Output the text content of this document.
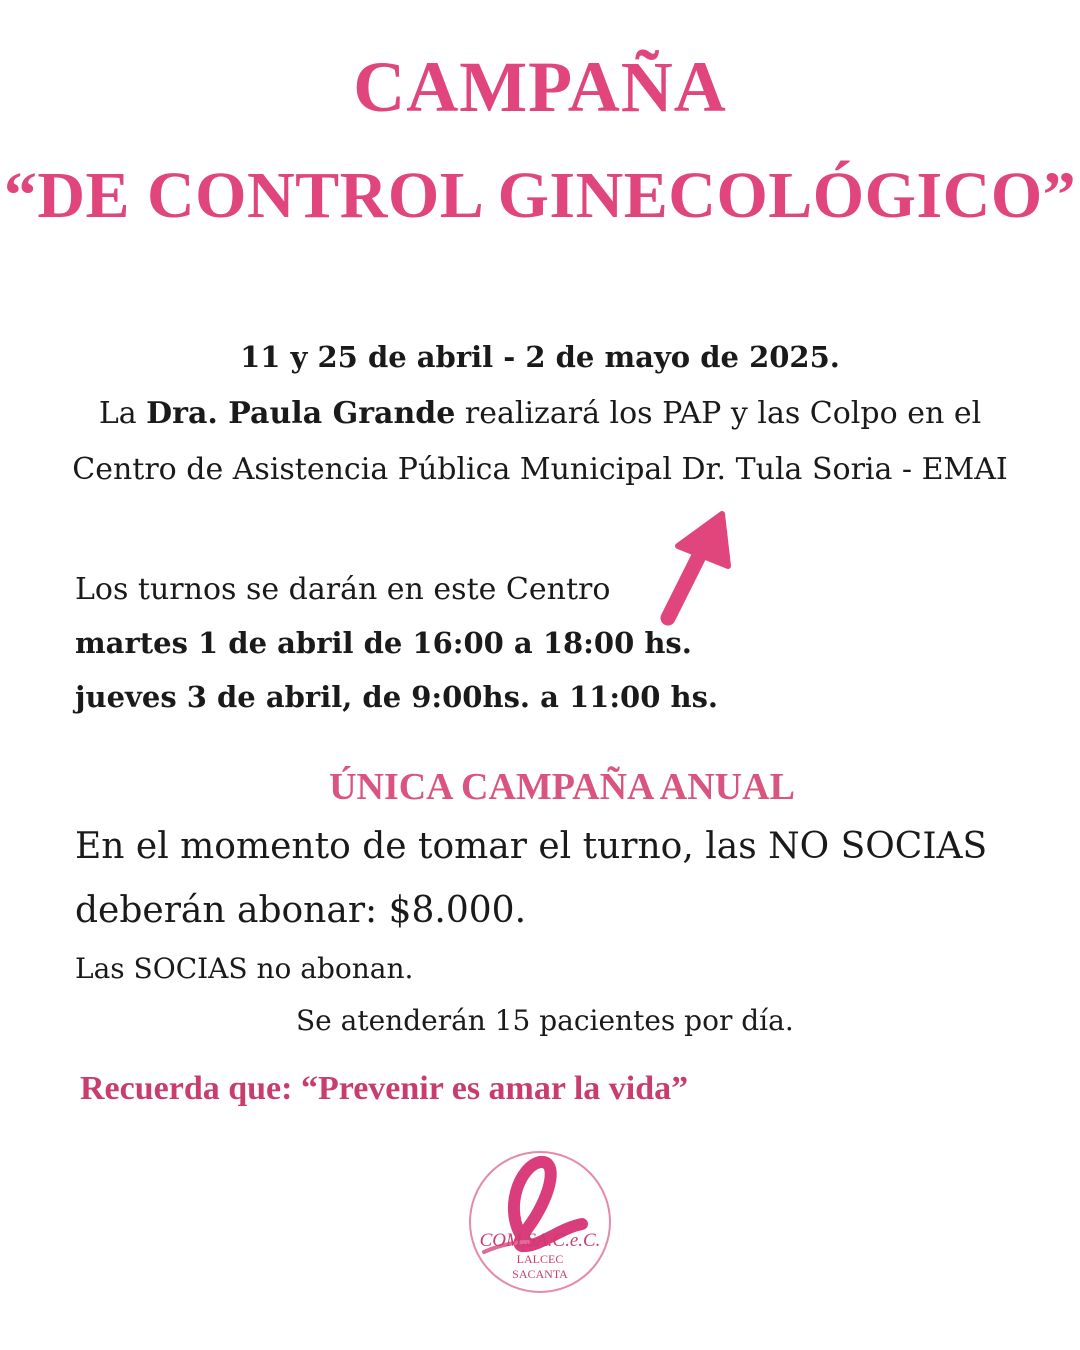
CAMPAÑA
“DE CONTROL GINECOLÓGICO”
11 y 25 de abril - 2 de mayo de 2025.
La Dra. Paula Grande realizará los PAP y las Colpo en el
Centro de Asistencia Pública Municipal Dr. Tula Soria - EMAI
Los turnos se darán en este Centro
martes 1 de abril de 16:00 a 18:00 hs.
jueves 3 de abril, de 9:00hs. a 11:00 hs.
ÚNICA CAMPAÑA ANUAL
En el momento de tomar el turno, las NO SOCIAS
deberán abonar: $8.000.
Las SOCIAS no abonan.
Se atenderán 15 pacientes por día.
Recuerda que: “Prevenir es amar la vida”
COM.SA.C.e.C.
LALCEC
SACANTA
